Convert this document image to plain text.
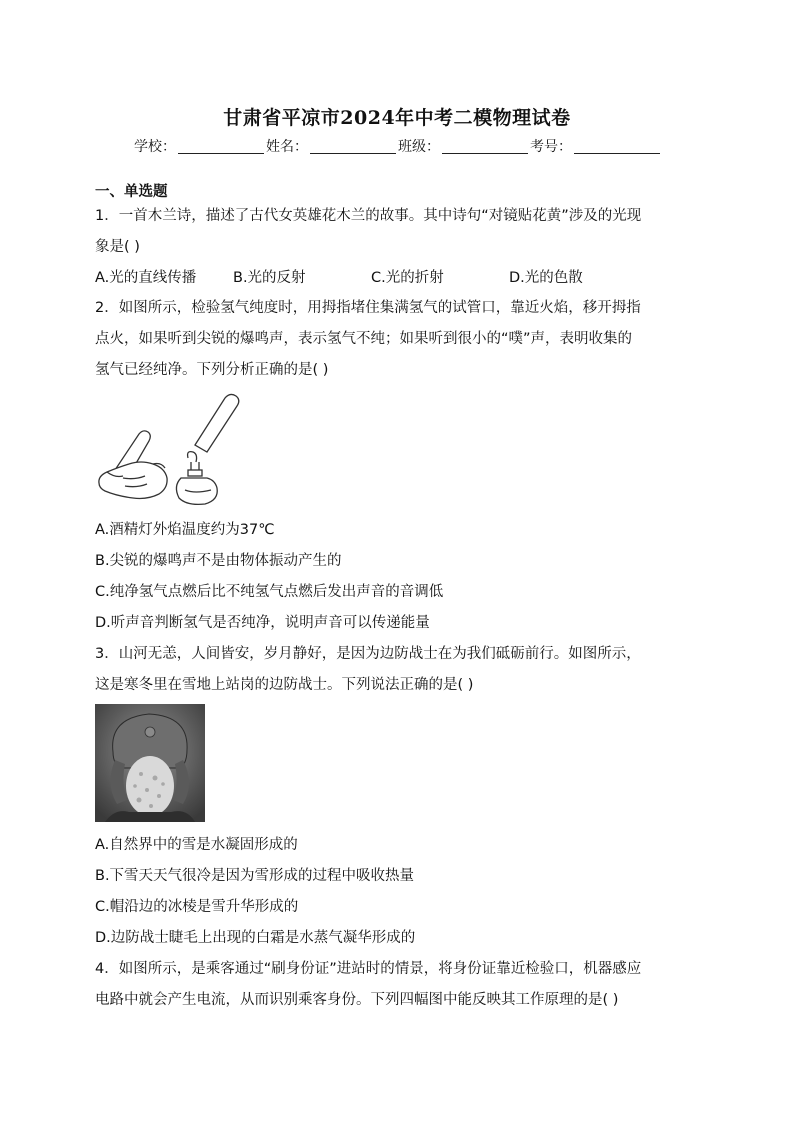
甘肃省平凉市2024年中考二模物理试卷
学校：	姓名：	班级：	考号：
一、单选题
1．一首木兰诗，描述了古代女英雄花木兰的故事。其中诗句“对镜贴花黄”涉及的光现
象是( )
A.光的直线传播	B.光的反射	C.光的折射	D.光的色散
2．如图所示，检验氢气纯度时，用拇指堵住集满氢气的试管口，靠近火焰，移开拇指
点火，如果听到尖锐的爆鸣声，表示氢气不纯；如果听到很小的“噗”声，表明收集的
氢气已经纯净。下列分析正确的是( )
A.酒精灯外焰温度约为37℃
B.尖锐的爆鸣声不是由物体振动产生的
C.纯净氢气点燃后比不纯氢气点燃后发出声音的音调低
D.听声音判断氢气是否纯净，说明声音可以传递能量
3．山河无恙，人间皆安，岁月静好，是因为边防战士在为我们砥砺前行。如图所示，
这是寒冬里在雪地上站岗的边防战士。下列说法正确的是( )
A.自然界中的雪是水凝固形成的
B.下雪天天气很冷是因为雪形成的过程中吸收热量
C.帽沿边的冰棱是雪升华形成的
D.边防战士睫毛上出现的白霜是水蒸气凝华形成的
4．如图所示，是乘客通过“刷身份证”进站时的情景，将身份证靠近检验口，机器感应
电路中就会产生电流，从而识别乘客身份。下列四幅图中能反映其工作原理的是( )
